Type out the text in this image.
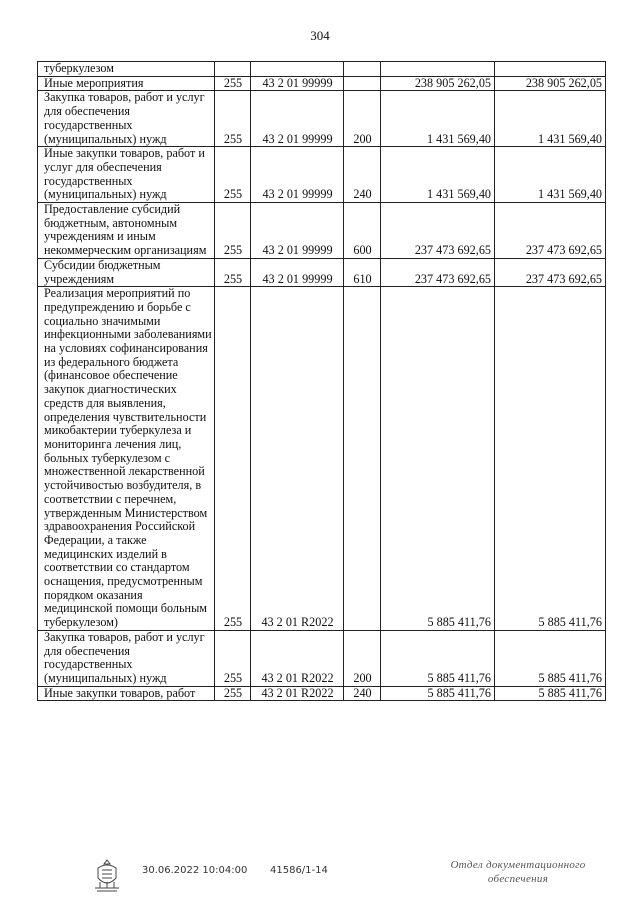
304
туберкулезом					
Иные мероприятия	255	43 2 01 99999		238 905 262,05	238 905 262,05
Закупка товаров, работ и услуг для обеспечения государственных (муниципальных) нужд	255	43 2 01 99999	200	1 431 569,40	1 431 569,40
Иные закупки товаров, работ и услуг для обеспечения государственных (муниципальных) нужд	255	43 2 01 99999	240	1 431 569,40	1 431 569,40
Предоставление субсидий бюджетным, автономным учреждениям и иным некоммерческим организациям	255	43 2 01 99999	600	237 473 692,65	237 473 692,65
Субсидии бюджетным учреждениям	255	43 2 01 99999	610	237 473 692,65	237 473 692,65
Реализация мероприятий по предупреждению и борьбе с социально значимыми инфекционными заболеваниями на условиях софинансирования из федерального бюджета (финансовое обеспечение закупок диагностических средств для выявления, определения чувствительности микобактерии туберкулеза и мониторинга лечения лиц, больных туберкулезом с множественной лекарственной устойчивостью возбудителя, в соответствии с перечнем, утвержденным Министерством здравоохранения Российской Федерации, а также медицинских изделий в соответствии со стандартом оснащения, предусмотренным порядком оказания медицинской помощи больным туберкулезом)	255	43 2 01 R2022		5 885 411,76	5 885 411,76
Закупка товаров, работ и услуг для обеспечения государственных (муниципальных) нужд	255	43 2 01 R2022	200	5 885 411,76	5 885 411,76
Иные закупки товаров, работ	255	43 2 01 R2022	240	5 885 411,76	5 885 411,76
30.06.2022 10:04:00 41586/1-14	Отдел документационного
обеспечения
